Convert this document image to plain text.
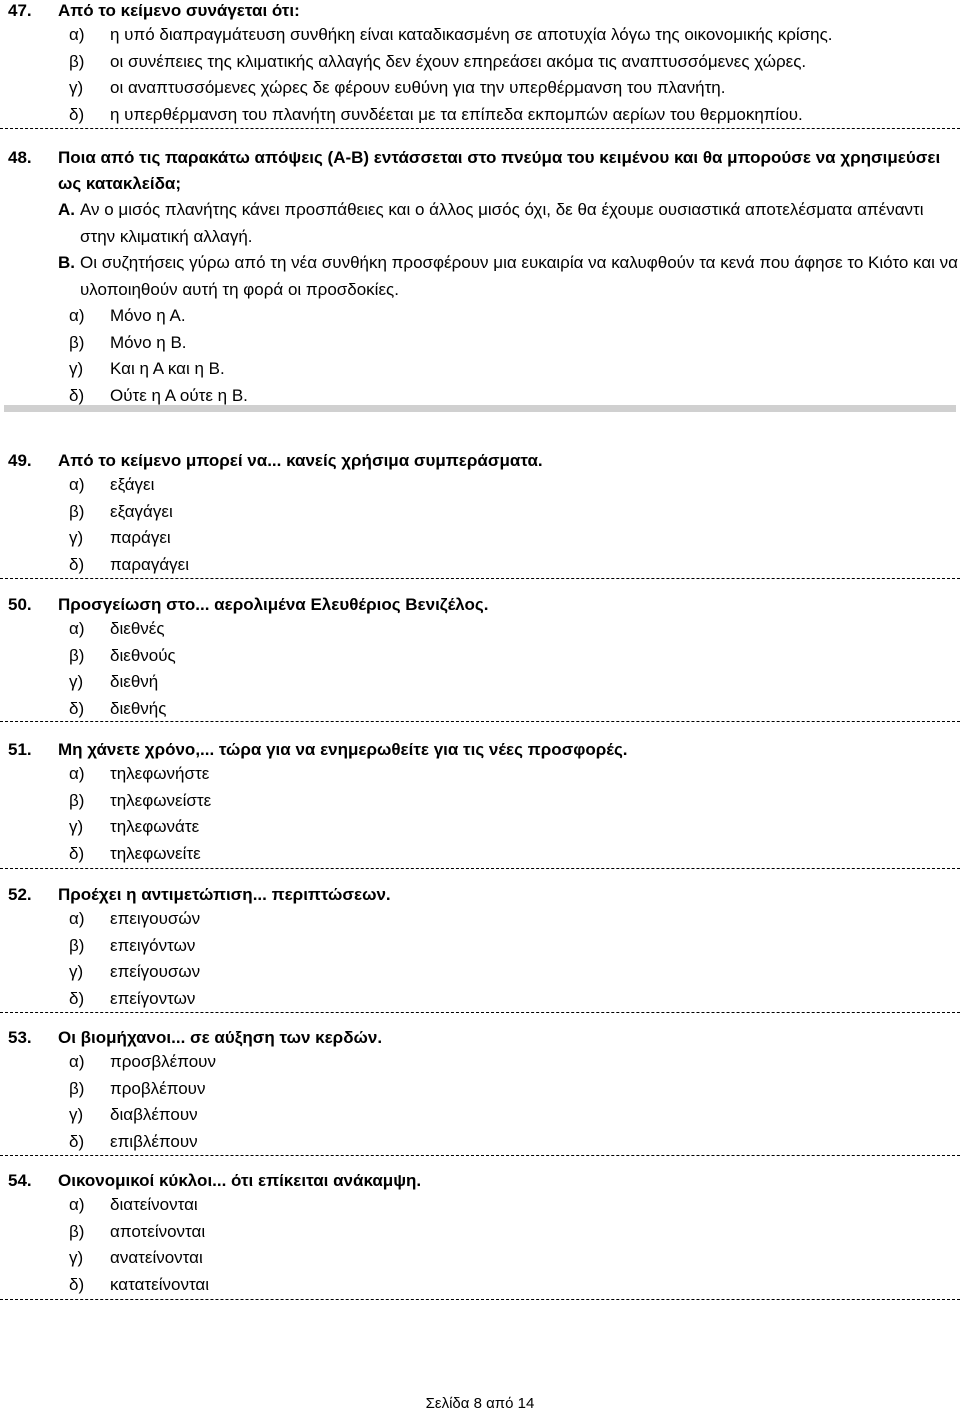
47.	Από το κείμενο συνάγεται ότι:
α)	η υπό διαπραγμάτευση συνθήκη είναι καταδικασμένη σε αποτυχία λόγω της οικονομικής κρίσης.
β)	οι συνέπειες της κλιματικής αλλαγής δεν έχουν επηρεάσει ακόμα τις αναπτυσσόμενες χώρες.
γ)	οι αναπτυσσόμενες χώρες δε φέρουν ευθύνη για την υπερθέρμανση του πλανήτη.
δ)	η υπερθέρμανση του πλανήτη συνδέεται με τα επίπεδα εκπομπών αερίων του θερμοκηπίου.
48.	Ποια από τις παρακάτω απόψεις (Α-Β) εντάσσεται στο πνεύμα του κειμένου και θα μπορούσε να χρησιμεύσει ως κατακλείδα;
Α. Αν ο μισός πλανήτης κάνει προσπάθειες και ο άλλος μισός όχι, δε θα έχουμε ουσιαστικά αποτελέσματα απέναντι στην κλιματική αλλαγή.
Β. Οι συζητήσεις γύρω από τη νέα συνθήκη προσφέρουν μια ευκαιρία να καλυφθούν τα κενά που άφησε το Κιότο και να υλοποιηθούν αυτή τη φορά οι προσδοκίες.
α)	Μόνο η Α.
β)	Μόνο η Β.
γ)	Και η Α και η Β.
δ)	Ούτε η Α ούτε η Β.
49.	Από το κείμενο μπορεί να... κανείς χρήσιμα συμπεράσματα.
α)	εξάγει
β)	εξαγάγει
γ)	παράγει
δ)	παραγάγει
50.	Προσγείωση στο... αερολιμένα Ελευθέριος Βενιζέλος.
α)	διεθνές
β)	διεθνούς
γ)	διεθνή
δ)	διεθνής
51.	Μη χάνετε χρόνο,... τώρα για να ενημερωθείτε για τις νέες προσφορές.
α)	τηλεφωνήστε
β)	τηλεφωνείστε
γ)	τηλεφωνάτε
δ)	τηλεφωνείτε
52.	Προέχει η αντιμετώπιση... περιπτώσεων.
α)	επειγουσών
β)	επειγόντων
γ)	επείγουσων
δ)	επείγοντων
53.	Οι βιομήχανοι... σε αύξηση των κερδών.
α)	προσβλέπουν
β)	προβλέπουν
γ)	διαβλέπουν
δ)	επιβλέπουν
54.	Οικονομικοί κύκλοι... ότι επίκειται ανάκαμψη.
α)	διατείνονται
β)	αποτείνονται
γ)	ανατείνονται
δ)	κατατείνονται
Σελίδα 8 από 14
